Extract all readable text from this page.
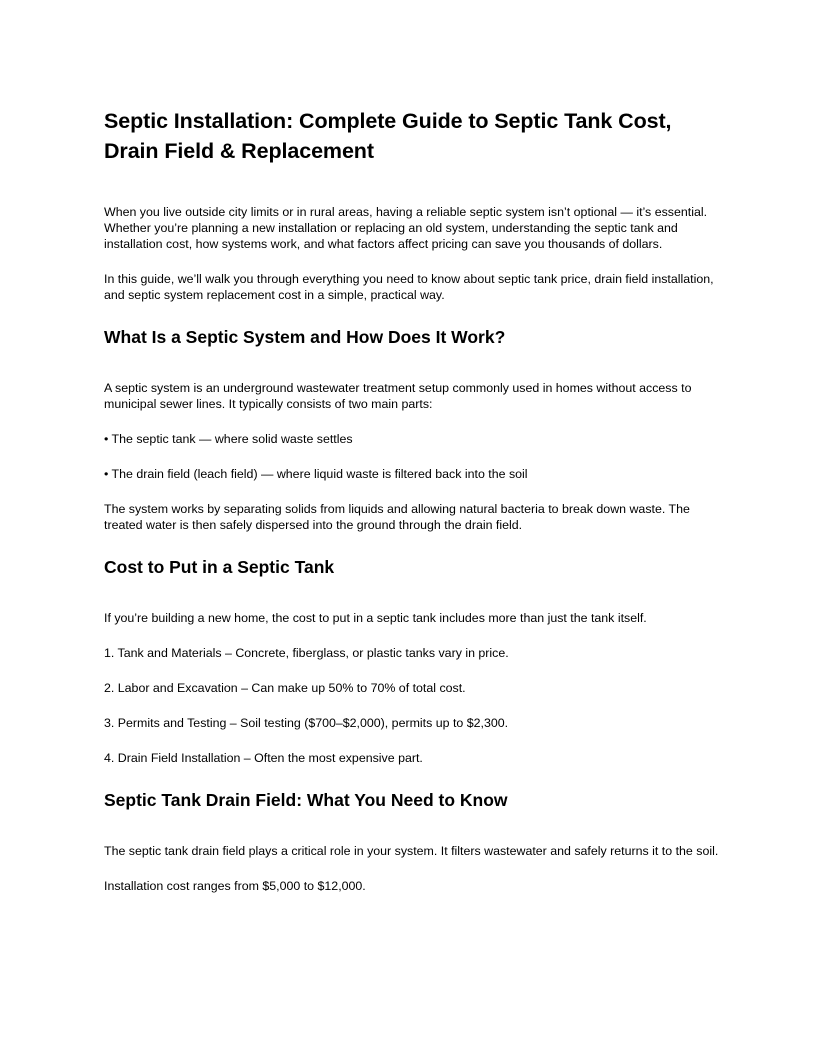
Septic Installation: Complete Guide to Septic Tank Cost, Drain Field & Replacement

When you live outside city limits or in rural areas, having a reliable septic system isn’t optional — it’s essential. Whether you’re planning a new installation or replacing an old system, understanding the septic tank and installation cost, how systems work, and what factors affect pricing can save you thousands of dollars.

In this guide, we’ll walk you through everything you need to know about septic tank price, drain field installation, and septic system replacement cost in a simple, practical way.

What Is a Septic System and How Does It Work?

A septic system is an underground wastewater treatment setup commonly used in homes without access to municipal sewer lines. It typically consists of two main parts:

• The septic tank — where solid waste settles

• The drain field (leach field) — where liquid waste is filtered back into the soil

The system works by separating solids from liquids and allowing natural bacteria to break down waste. The treated water is then safely dispersed into the ground through the drain field.

Cost to Put in a Septic Tank

If you’re building a new home, the cost to put in a septic tank includes more than just the tank itself.

1. Tank and Materials – Concrete, fiberglass, or plastic tanks vary in price.

2. Labor and Excavation – Can make up 50% to 70% of total cost.

3. Permits and Testing – Soil testing ($700–$2,000), permits up to $2,300.

4. Drain Field Installation – Often the most expensive part.

Septic Tank Drain Field: What You Need to Know

The septic tank drain field plays a critical role in your system. It filters wastewater and safely returns it to the soil.

Installation cost ranges from $5,000 to $12,000.
